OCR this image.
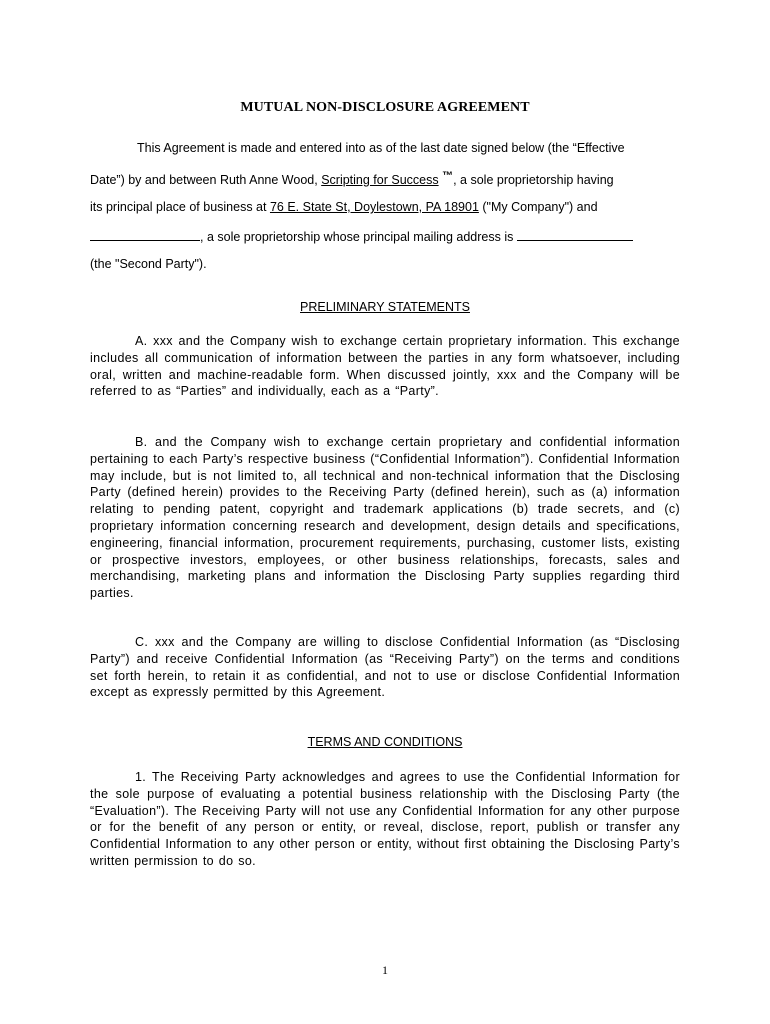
MUTUAL NON-DISCLOSURE AGREEMENT
This Agreement is made and entered into as of the last date signed below (the “Effective
Date”) by and between Ruth Anne Wood, Scripting for Success ™, a sole proprietorship having
its principal place of business at 76 E. State St, Doylestown, PA 18901 ("My Company") and
, a sole proprietorship whose principal mailing address is
(the "Second Party").
PRELIMINARY STATEMENTS
A. xxx and the Company wish to exchange certain proprietary information. This exchange includes all communication of information between the parties in any form whatsoever, including oral, written and machine-readable form. When discussed jointly, xxx and the Company will be referred to as “Parties” and individually, each as a “Party”.
B. and the Company wish to exchange certain proprietary and confidential information pertaining to each Party’s respective business (“Confidential Information”). Confidential Information may include, but is not limited to, all technical and non-technical information that the Disclosing Party (defined herein) provides to the Receiving Party (defined herein), such as (a) information relating to pending patent, copyright and trademark applications (b) trade secrets, and (c) proprietary information concerning research and development, design details and specifications, engineering, financial information, procurement requirements, purchasing, customer lists, existing or prospective investors, employees, or other business relationships, forecasts, sales and merchandising, marketing plans and information the Disclosing Party supplies regarding third parties.
C. xxx and the Company are willing to disclose Confidential Information (as “Disclosing Party”) and receive Confidential Information (as “Receiving Party”) on the terms and conditions set forth herein, to retain it as confidential, and not to use or disclose Confidential Information except as expressly permitted by this Agreement.
TERMS AND CONDITIONS
1. The Receiving Party acknowledges and agrees to use the Confidential Information for the sole purpose of evaluating a potential business relationship with the Disclosing Party (the “Evaluation”). The Receiving Party will not use any Confidential Information for any other purpose or for the benefit of any person or entity, or reveal, disclose, report, publish or transfer any Confidential Information to any other person or entity, without first obtaining the Disclosing Party’s written permission to do so.
1
